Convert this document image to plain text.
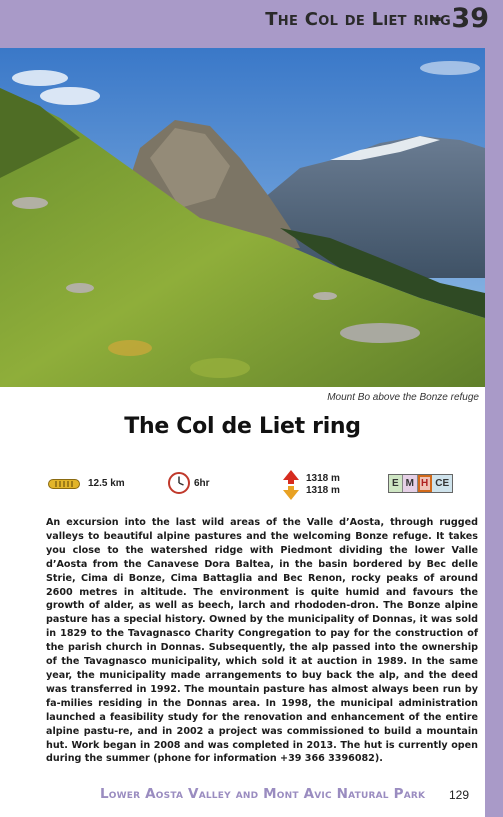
The Col de Liet ring
- 39
Mount Bo above the Bonze refuge
The Col de Liet ring
12.5 km	6hr	1318 m
1318 m
E M H CE

An excursion into the last wild areas of the Valle d’Aosta, through rugged valleys to beautiful alpine pastures and the welcoming Bonze refuge. It takes you close to the watershed ridge with Piedmont dividing the lower Valle d’Aosta from the Canavese Dora Baltea, in the basin bordered by Bec delle Strie, Cima di Bonze, Cima Battaglia and Bec Renon, rocky peaks of around 2600 metres in altitude. The environment is quite humid and favours the growth of alder, as well as beech, larch and rhododen-dron. The Bonze alpine pasture has a special history. Owned by the municipality of Donnas, it was sold in 1829 to the Tavagnasco Charity Congregation to pay for the construction of the parish church in Donnas. Subsequently, the alp passed into the ownership of the Tavagnasco municipality, which sold it at auction in 1989. In the same year, the municipality made arrangements to buy back the alp, and the deed was transferred in 1992. The mountain pasture has almost always been run by fa-milies residing in the Donnas area. In 1998, the municipal administration launched a feasibility study for the renovation and enhancement of the entire alpine pastu-re, and in 2002 a project was commissioned to build a mountain hut. Work began in 2008 and was completed in 2013. The hut is currently open during the summer (phone for information +39 366 3396082).

Lower Aosta Valley and Mont Avic Natural Park 129
